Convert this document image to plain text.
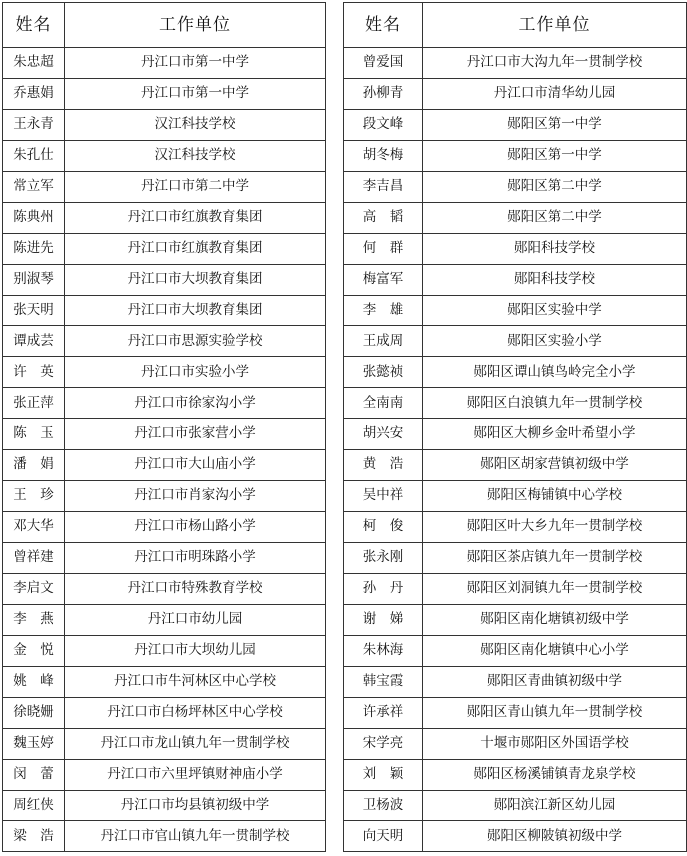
姓名	工作单位		姓名	工作单位
朱忠超	丹江口市第一中学		曾爱国	丹江口市大沟九年一贯制学校
乔惠娟	丹江口市第一中学		孙柳青	丹江口市清华幼儿园
王永青	汉江科技学校		段文峰	郧阳区第一中学
朱孔仕	汉江科技学校		胡冬梅	郧阳区第一中学
常立军	丹江口市第二中学		李吉昌	郧阳区第二中学
陈典州	丹江口市红旗教育集团		高　韬	郧阳区第二中学
陈进先	丹江口市红旗教育集团		何　群	郧阳科技学校
别淑琴	丹江口市大坝教育集团		梅富军	郧阳科技学校
张天明	丹江口市大坝教育集团		李　雄	郧阳区实验中学
谭成芸	丹江口市思源实验学校		王成周	郧阳区实验小学
许　英	丹江口市实验小学		张懿祯	郧阳区谭山镇鸟岭完全小学
张正萍	丹江口市徐家沟小学		全南南	郧阳区白浪镇九年一贯制学校
陈　玉	丹江口市张家营小学		胡兴安	郧阳区大柳乡金叶希望小学
潘　娟	丹江口市大山庙小学		黄　浩	郧阳区胡家营镇初级中学
王　珍	丹江口市肖家沟小学		吴中祥	郧阳区梅铺镇中心学校
邓大华	丹江口市杨山路小学		柯　俊	郧阳区叶大乡九年一贯制学校
曾祥建	丹江口市明珠路小学		张永刚	郧阳区茶店镇九年一贯制学校
李启文	丹江口市特殊教育学校		孙　丹	郧阳区刘洞镇九年一贯制学校
李　燕	丹江口市幼儿园		谢　娣	郧阳区南化塘镇初级中学
金　悦	丹江口市大坝幼儿园		朱林海	郧阳区南化塘镇中心小学
姚　峰	丹江口市牛河林区中心学校		韩宝霞	郧阳区青曲镇初级中学
徐晓姗	丹江口市白杨坪林区中心学校		许承祥	郧阳区青山镇九年一贯制学校
魏玉婷	丹江口市龙山镇九年一贯制学校		宋学亮	十堰市郧阳区外国语学校
闵　蕾	丹江口市六里坪镇财神庙小学		刘　颖	郧阳区杨溪铺镇青龙泉学校
周红侠	丹江口市均县镇初级中学		卫杨波	郧阳滨江新区幼儿园
梁　浩	丹江口市官山镇九年一贯制学校		向天明	郧阳区柳陂镇初级中学
